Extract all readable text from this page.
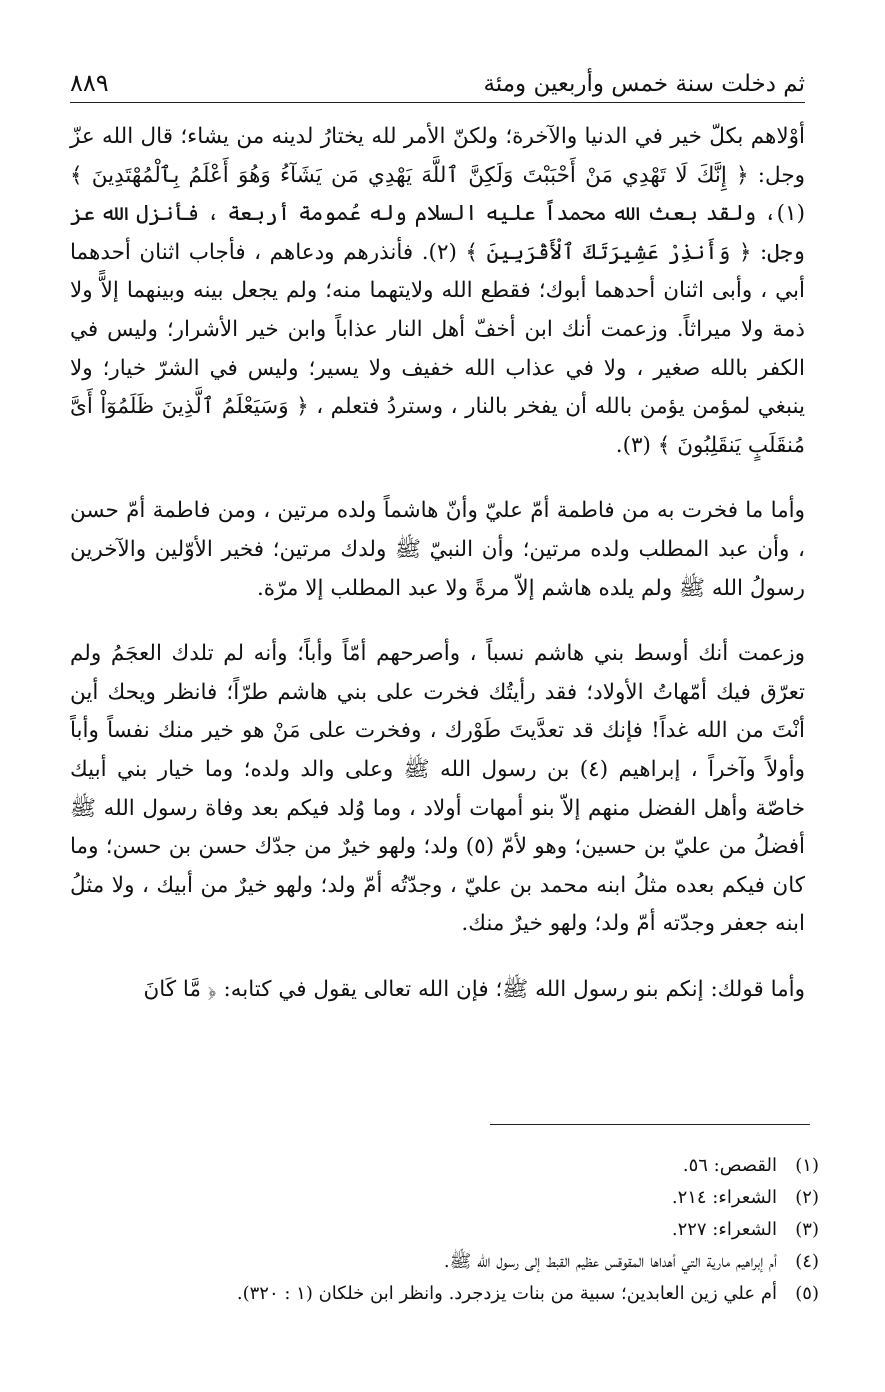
ثم دخلت سنة خمس وأربعين ومئة
٨٨٩

أوْلاهم بكلّ خير في الدنيا والآخرة؛ ولكنّ الأمر لله يختارُ لدينه من يشاء؛ قال الله عزّ وجل: ﴿ إِنَّكَ لَا تَهْدِي مَنْ أَحْبَبْتَ وَلَكِنَّ ٱللَّهَ يَهْدِي مَن يَشَآءُ وَهُوَ أَعْلَمُ بِٱلْمُهْتَدِينَ ﴾ (١)، ولقد بعث الله محمداً عليه السلام وله عُمومة أربعة ، فأنزل الله عز وجل: ﴿ وَأَنذِرْ عَشِيرَتَكَ ٱلْأَقْرَبِينَ ﴾ (٢). فأنذرهم ودعاهم ، فأجاب اثنان أحدهما أبي ، وأبى اثنان أحدهما أبوك؛ فقطع الله ولايتهما منه؛ ولم يجعل بينه وبينهما إلاًّ ولا ذمة ولا ميراثاً. وزعمت أنك ابن أخفّ أهل النار عذاباً وابن خير الأشرار؛ وليس في الكفر بالله صغير ، ولا في عذاب الله خفيف ولا يسير؛ وليس في الشرّ خيار؛ ولا ينبغي لمؤمن يؤمن بالله أن يفخر بالنار ، وستردُ فتعلم ، ﴿ وَسَيَعْلَمُ ٱلَّذِينَ ظَلَمُوٓاْ أَىَّ مُنقَلَبٍ يَنقَلِبُونَ ﴾ (٣).

وأما ما فخرت به من فاطمة أمّ عليّ وأنّ هاشماً ولده مرتين ، ومن فاطمة أمّ حسن ، وأن عبد المطلب ولده مرتين؛ وأن النبيّ ﷺ ولدك مرتين؛ فخير الأوّلين والآخرين رسولُ الله ﷺ ولم يلده هاشم إلاّ مرةً ولا عبد المطلب إلا مرّة.

وزعمت أنك أوسط بني هاشم نسباً ، وأصرحهم أمّاً وأباً؛ وأنه لم تلدك العجَمُ ولم تعرّق فيك أمّهاتُ الأولاد؛ فقد رأيتُك فخرت على بني هاشم طرّاً؛ فانظر ويحك أين أنْتَ من الله غداً! فإنك قد تعدَّيتَ طَوْرك ، وفخرت على مَنْ هو خير منك نفساً وأباً وأولاً وآخراً ، إبراهيم (٤) بن رسول الله ﷺ وعلى والد ولده؛ وما خيار بني أبيك خاصّة وأهل الفضل منهم إلاّ بنو أمهات أولاد ، وما وُلد فيكم بعد وفاة رسول الله ﷺ أفضلُ من عليّ بن حسين؛ وهو لأمّ (٥) ولد؛ ولهو خيرٌ من جدّك حسن بن حسن؛ وما كان فيكم بعده مثلُ ابنه محمد بن عليّ ، وجدّتُه أمّ ولد؛ ولهو خيرٌ من أبيك ، ولا مثلُ ابنه جعفر وجدّته أمّ ولد؛ ولهو خيرٌ منك.

وأما قولك: إنكم بنو رسول الله ﷺ؛ فإن الله تعالى يقول في كتابه: ﴿ مَّا كَانَ

(١)
القصص: ٥٦.
(٢)
الشعراء: ٢١٤.
(٣)
الشعراء: ٢٢٧.
(٤)
أم إبراهيم مارية التي أهداها المقوقس عظيم القبط إلى رسول الله ﷺ.
(٥)
أم علي زين العابدين؛ سبية من بنات يزدجرد. وانظر ابن خلكان (١ : ٣٢٠).
